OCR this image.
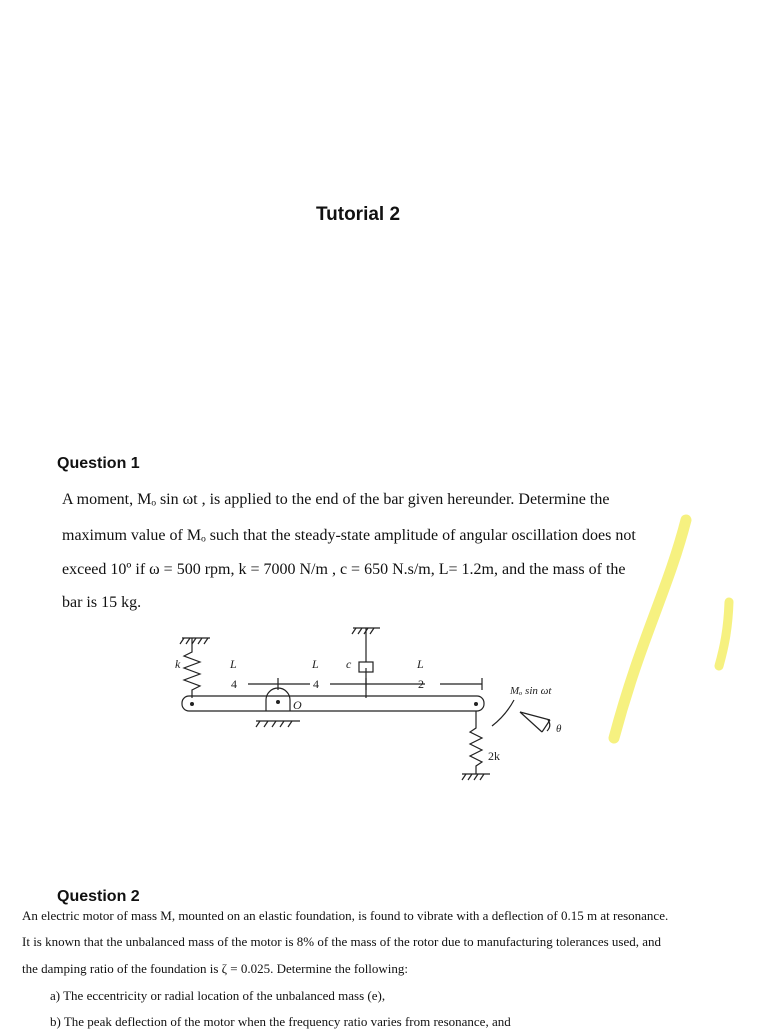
Tutorial 2
Question 1
A moment, Mₒ sin ωt , is applied to the end of the bar given hereunder. Determine the
maximum value of Mₒ such that the steady-state amplitude of angular oscillation does not
exceed 10º if ω = 500 rpm, k = 7000 N/m , c = 650 N.s/m, L= 1.2m, and the mass of the
bar is 15 kg.
k	c
L
4
L
4
L
2
O
2k
Mₒ sin ωt
θ
Question 2
An electric motor of mass M, mounted on an elastic foundation, is found to vibrate with a deflection of 0.15 m at resonance.
It is known that the unbalanced mass of the motor is 8% of the mass of the rotor due to manufacturing tolerances used, and
the damping ratio of the foundation is ζ = 0.025. Determine the following:
a) The eccentricity or radial location of the unbalanced mass (e),
b) The peak deflection of the motor when the frequency ratio varies from resonance, and
